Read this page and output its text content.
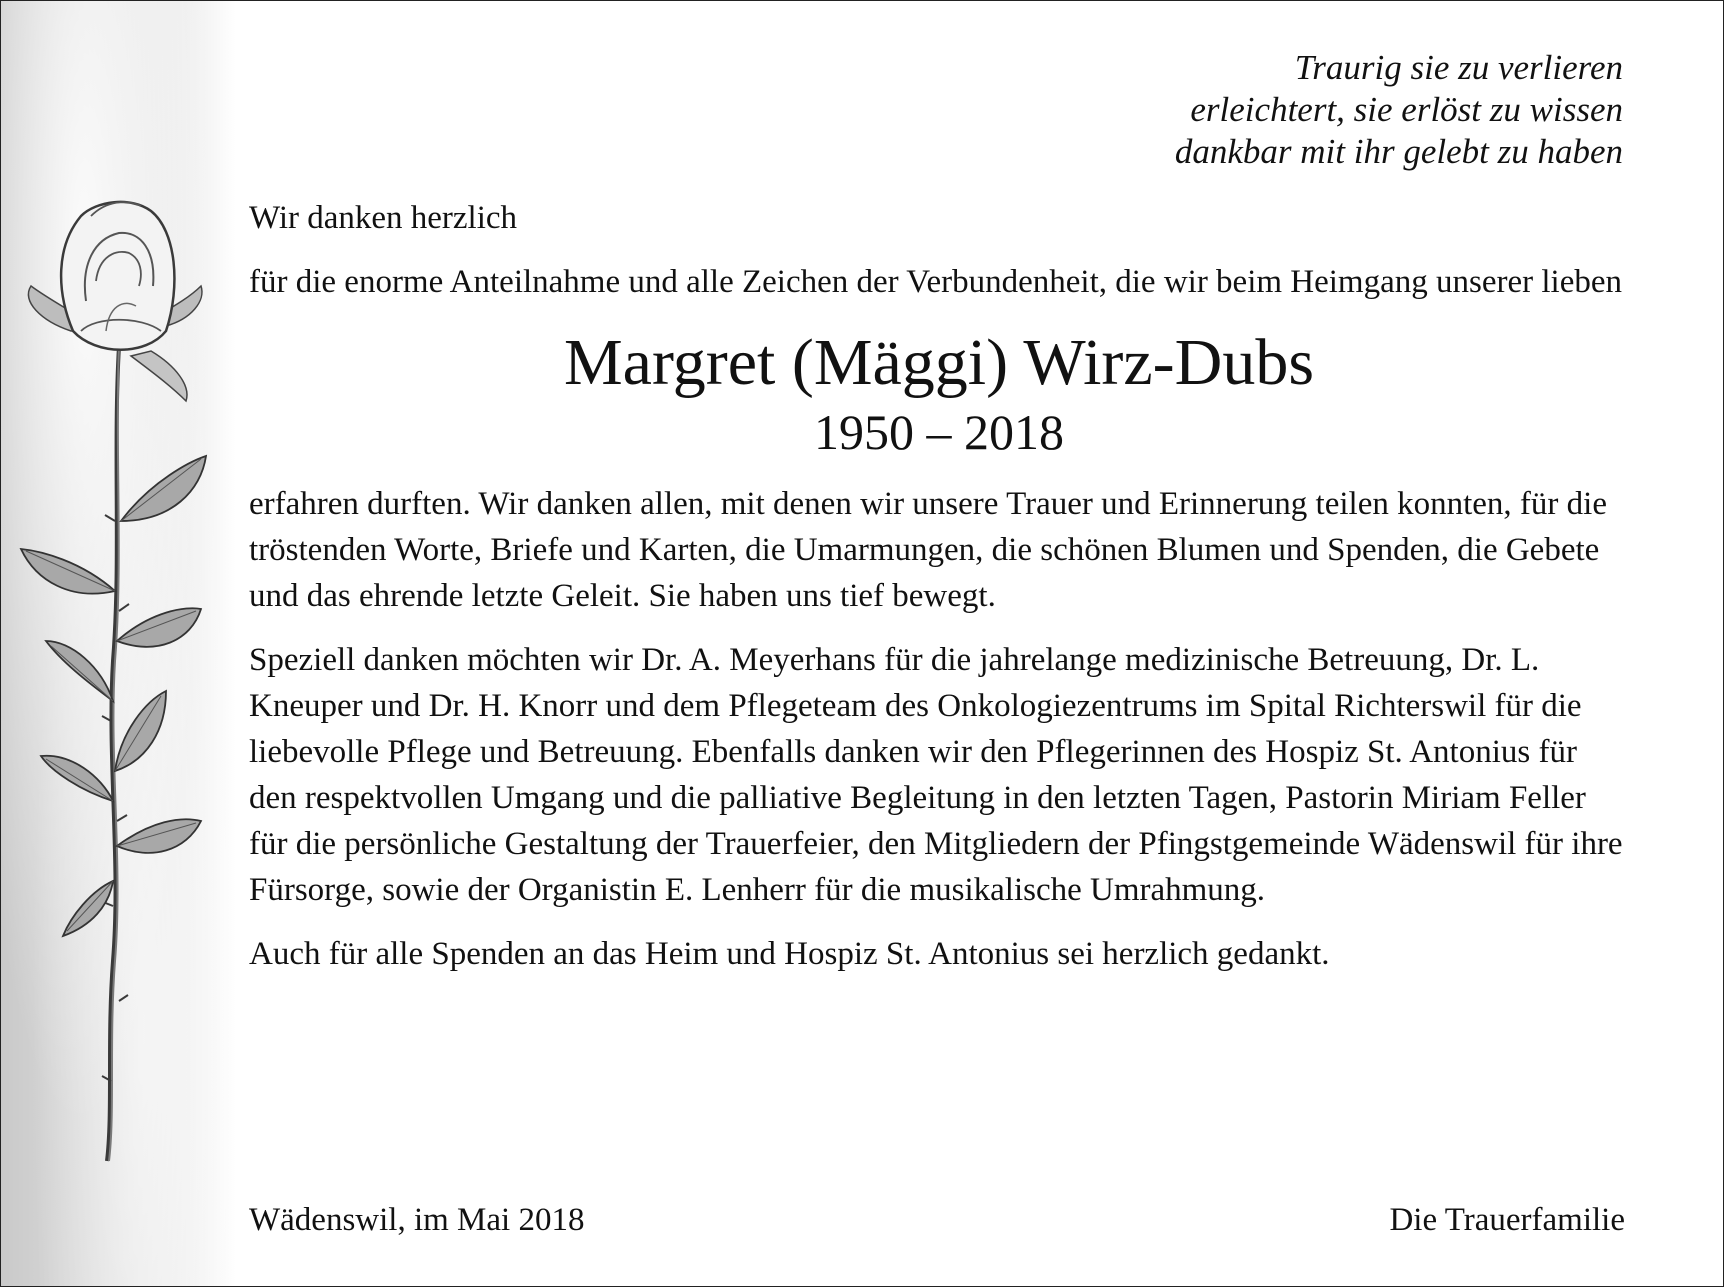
Traurig sie zu verlieren
erleichtert, sie erlöst zu wissen
dankbar mit ihr gelebt zu haben

Wir danken herzlich

für die enorme Anteilnahme und alle Zeichen der Verbundenheit, die wir beim Heimgang unserer lieben

Margret (Mäggi) Wirz-Dubs
1950 – 2018

erfahren durften. Wir danken allen, mit denen wir unsere Trauer und Erinnerung teilen konnten, für die tröstenden Worte, Briefe und Karten, die Umarmungen, die schönen Blumen und Spenden, die Gebete und das ehrende letzte Geleit. Sie haben uns tief bewegt.

Speziell danken möchten wir Dr. A. Meyerhans für die jahrelange medizinische Betreuung, Dr. L. Kneuper und Dr. H. Knorr und dem Pflegeteam des Onkologiezentrums im Spital Richterswil für die liebevolle Pflege und Betreuung. Ebenfalls danken wir den Pflegerinnen des Hospiz St. Antonius für den respektvollen Umgang und die palliative Begleitung in den letzten Tagen, Pastorin Miriam Feller für die persönliche Gestaltung der Trauerfeier, den Mitgliedern der Pfingstgemeinde Wädenswil für ihre Fürsorge, sowie der Organistin E. Lenherr für die musikalische Umrahmung.

Auch für alle Spenden an das Heim und Hospiz St. Antonius sei herzlich gedankt.

Wädenswil, im Mai 2018	Die Trauerfamilie
